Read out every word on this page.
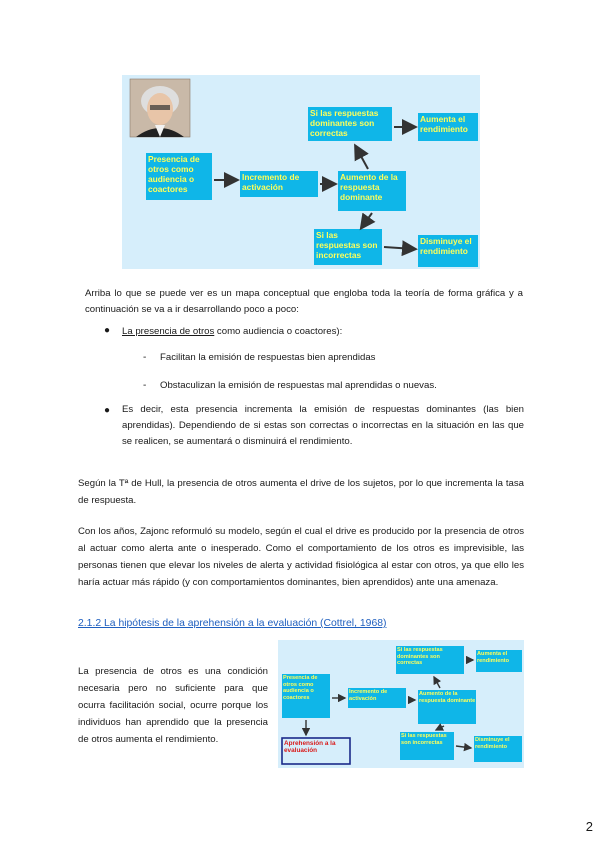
Presencia de otros como audiencia o coactores
Incremento de activación
Aumento de la respuesta dominante
Si las respuestas dominantes son correctas
Si las respuestas son incorrectas
Aumenta el rendimiento
Disminuye el rendimiento

Arriba lo que se puede ver es un mapa conceptual que engloba toda la teoría de forma gráfica y a continuación se va a ir desarrollando poco a poco:

● La presencia de otros como audiencia o coactores):
- Facilitan la emisión de respuestas bien aprendidas
- Obstaculizan la emisión de respuestas mal aprendidas o nuevas.
● Es decir, esta presencia incrementa la emisión de respuestas dominantes (las bien aprendidas). Dependiendo de si estas son correctas o incorrectas en la situación en las que se realicen, se aumentará o disminuirá el rendimiento.

Según la Tª de Hull, la presencia de otros aumenta el drive de los sujetos, por lo que incrementa la tasa de respuesta.

Con los años, Zajonc reformuló su modelo, según el cual el drive es producido por la presencia de otros al actuar como alerta ante o inesperado. Como el comportamiento de los otros es imprevisible, las personas tienen que elevar los niveles de alerta y actividad fisiológica al estar con otros, ya que ello les haría actuar más rápido (y con comportamientos dominantes, bien aprendidos) ante una amenaza.

2.1.2 La hipótesis de la aprehensión a la evaluación (Cottrel, 1968)

La presencia de otros es una condición necesaria pero no suficiente para que ocurra facilitación social, ocurre porque los individuos han aprendido que la presencia de otros aumenta el rendimiento.

Presencia de otros como audiencia o coactores
Aprehensión a la evaluación
Incremento de activación
Aumento de la respuesta dominante
Si las respuestas dominantes son correctas
Si las respuestas son incorrectas
Aumenta el rendimiento
Disminuye el rendimiento
2
